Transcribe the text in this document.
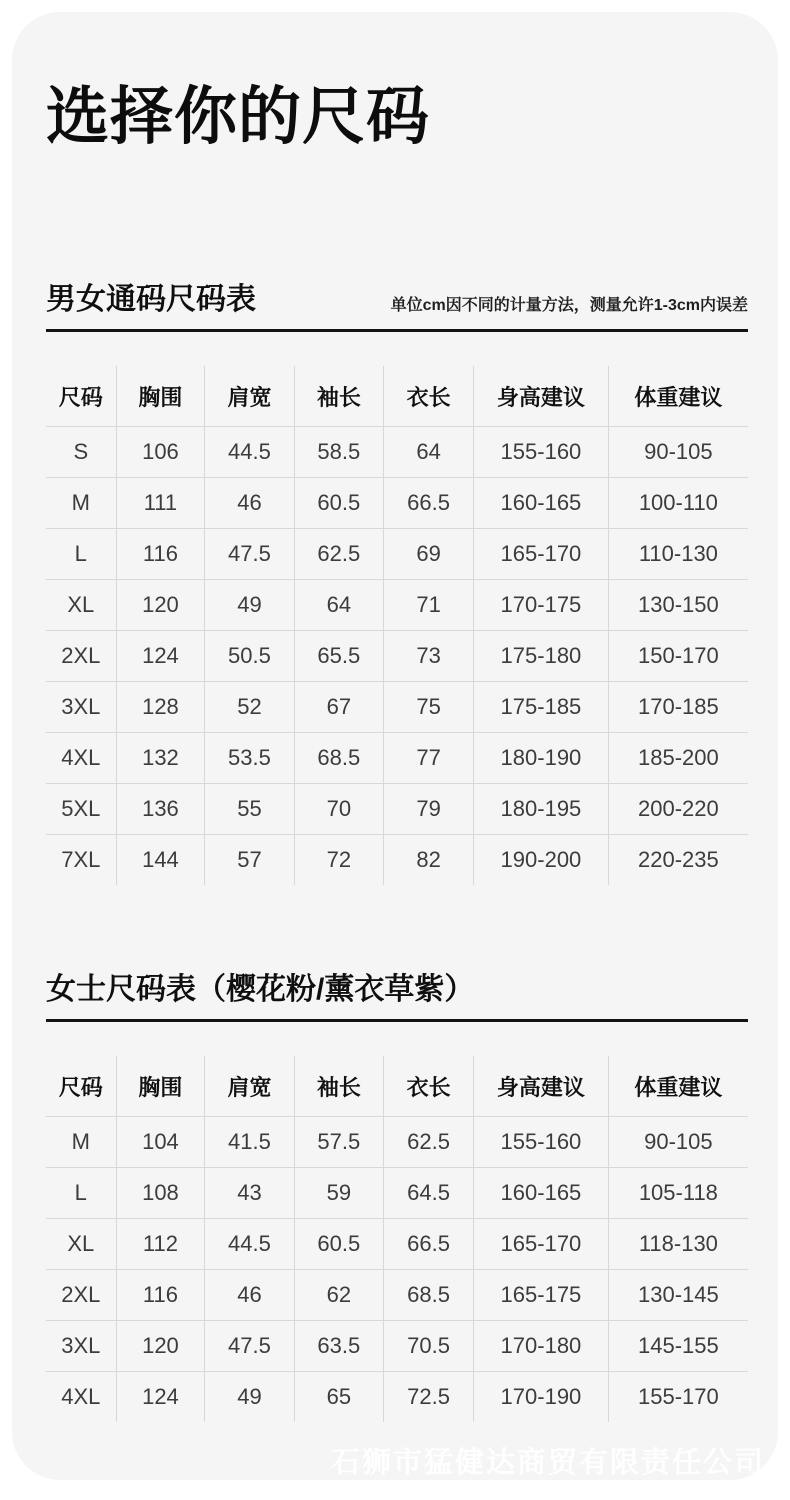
选择你的尺码
男女通码尺码表	单位cm因不同的计量方法，测量允许1-3cm内误差
尺码	胸围	肩宽	袖长	衣长	身高建议	体重建议
S	106	44.5	58.5	64	155-160	90-105
M	111	46	60.5	66.5	160-165	100-110
L	116	47.5	62.5	69	165-170	110-130
XL	120	49	64	71	170-175	130-150
2XL	124	50.5	65.5	73	175-180	150-170
3XL	128	52	67	75	175-185	170-185
4XL	132	53.5	68.5	77	180-190	185-200
5XL	136	55	70	79	180-195	200-220
7XL	144	57	72	82	190-200	220-235
女士尺码表（樱花粉/薰衣草紫）
尺码	胸围	肩宽	袖长	衣长	身高建议	体重建议
M	104	41.5	57.5	62.5	155-160	90-105
L	108	43	59	64.5	160-165	105-118
XL	112	44.5	60.5	66.5	165-170	118-130
2XL	116	46	62	68.5	165-175	130-145
3XL	120	47.5	63.5	70.5	170-180	145-155
4XL	124	49	65	72.5	170-190	155-170
石狮市猛健达商贸有限责任公司
